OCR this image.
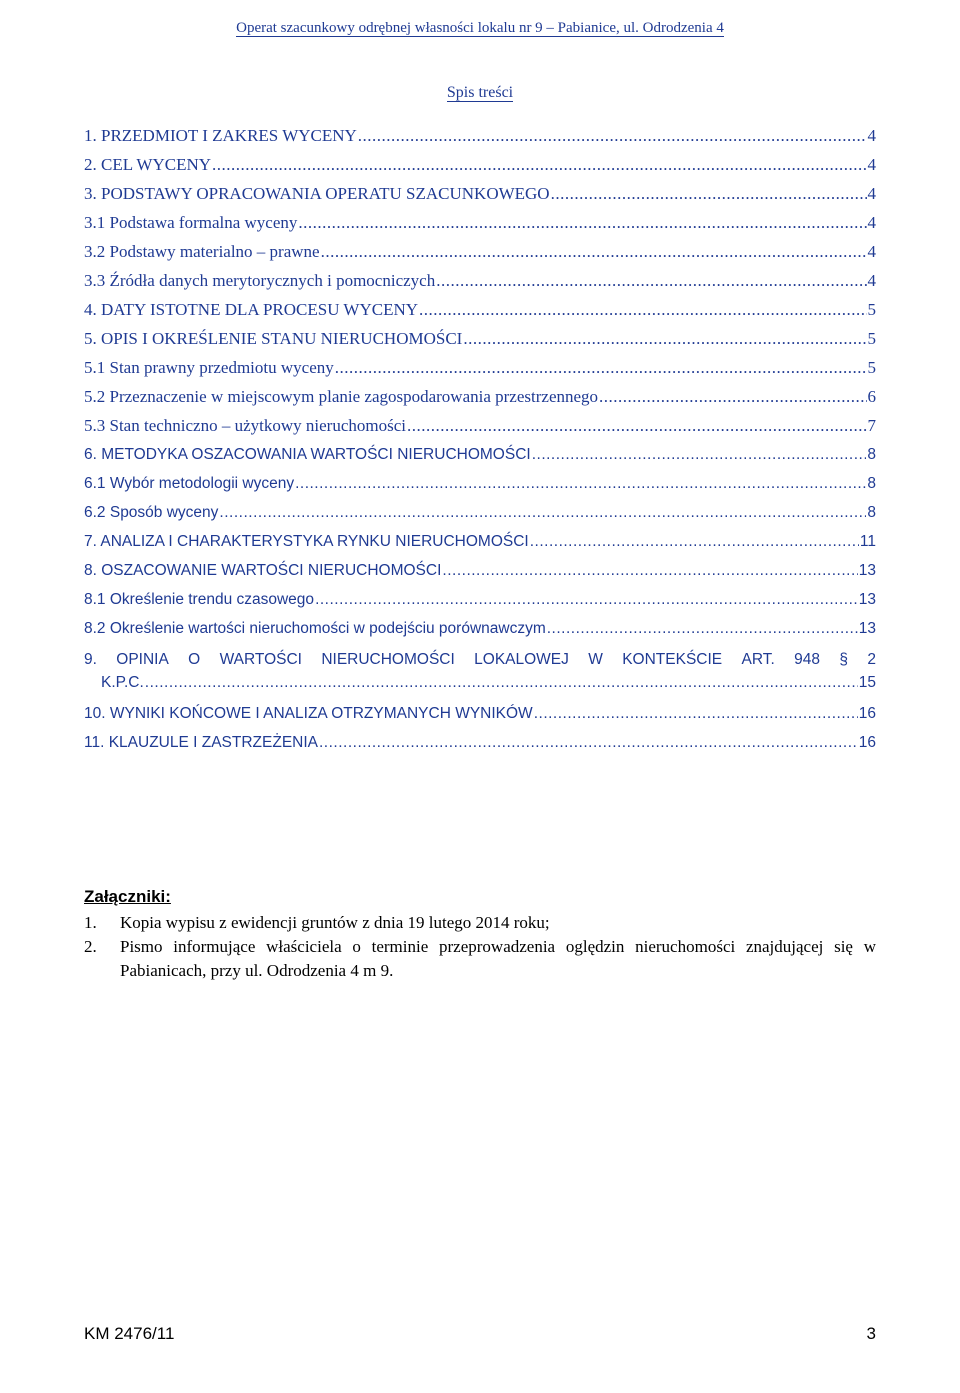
Operat szacunkowy odrębnej własności lokalu nr 9 – Pabianice, ul. Odrodzenia 4
Spis treści
1. PRZEDMIOT I ZAKRES WYCENY .....	4
2. CEL WYCENY .....	4
3. PODSTAWY OPRACOWANIA OPERATU SZACUNKOWEGO .....	4
3.1 Podstawa formalna wyceny .....	4
3.2 Podstawy materialno – prawne .....	4
3.3 Źródła danych merytorycznych i pomocniczych .....	4
4. DATY ISTOTNE DLA PROCESU WYCENY .....	5
5. OPIS I OKREŚLENIE STANU NIERUCHOMOŚCI .....	5
5.1 Stan prawny przedmiotu wyceny .....	5
5.2 Przeznaczenie w miejscowym planie zagospodarowania przestrzennego .....	6
5.3 Stan techniczno – użytkowy nieruchomości .....	7
6. METODYKA OSZACOWANIA WARTOŚCI NIERUCHOMOŚCI .....	8
6.1 Wybór metodologii wyceny .....	8
6.2 Sposób wyceny .....	8
7. ANALIZA I CHARAKTERYSTYKA RYNKU NIERUCHOMOŚCI .....	11
8. OSZACOWANIE WARTOŚCI NIERUCHOMOŚCI .....	13
8.1 Określenie trendu czasowego .....	13
8.2 Określenie wartości nieruchomości w podejściu porównawczym .....	13
9. OPINIA O WARTOŚCI NIERUCHOMOŚCI LOKALOWEJ W KONTEKŚCIE ART. 948 § 2
K.P.C. .....	15
10. WYNIKI KOŃCOWE I ANALIZA OTRZYMANYCH WYNIKÓW .....	16
11. KLAUZULE I ZASTRZEŻENIA .....	16
Załączniki:
1.	Kopia wypisu z ewidencji gruntów z dnia 19 lutego 2014 roku;
2.	Pismo informujące właściciela o terminie przeprowadzenia oględzin nieruchomości znajdującej się w Pabianicach, przy ul. Odrodzenia 4 m 9.
KM 2476/11	3
